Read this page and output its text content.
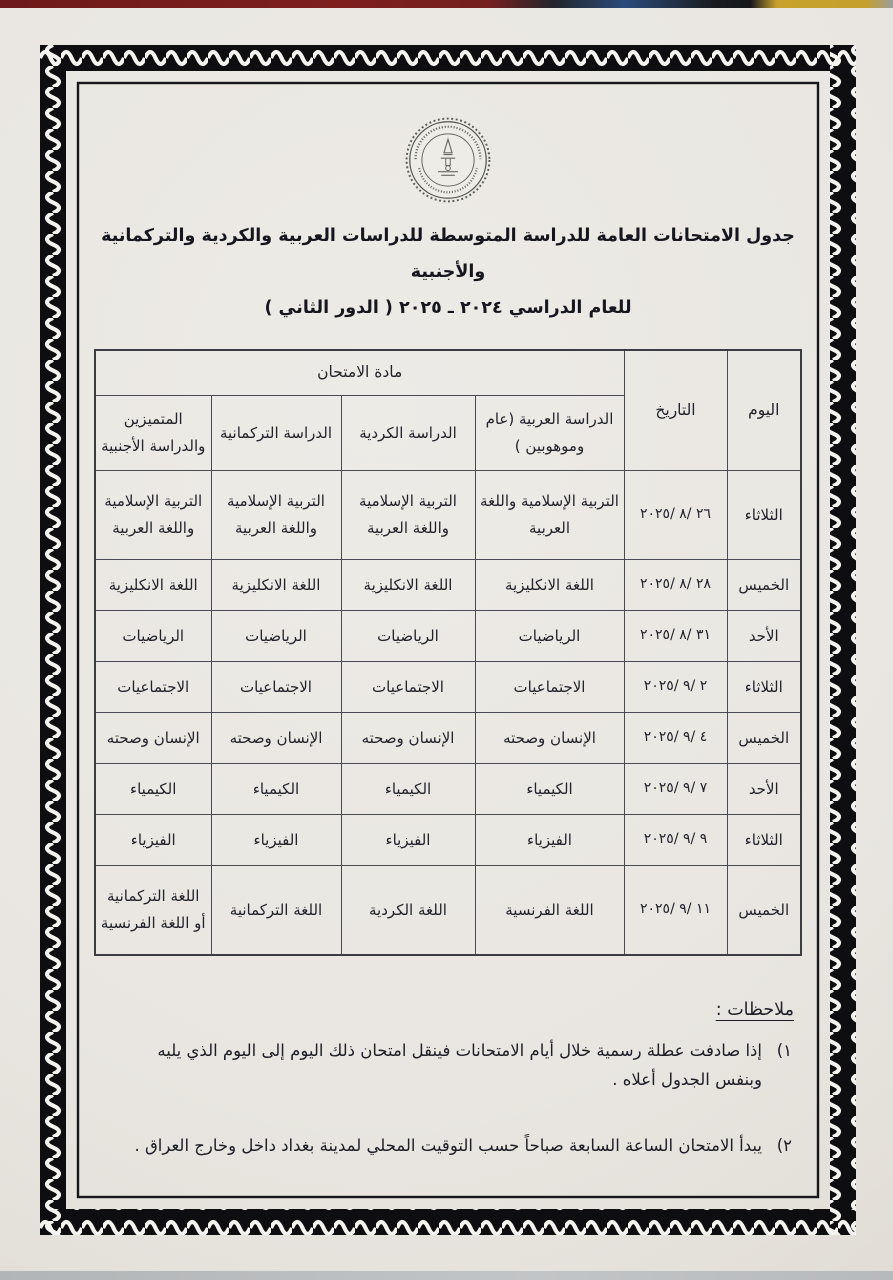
جدول الامتحانات العامة للدراسة المتوسطة للدراسات العربية والكردية والتركمانية والأجنبية
للعام الدراسي ٢٠٢٤ ـ ٢٠٢٥ ( الدور الثاني )
اليوم	التاريخ	مادة الامتحان			
		الدراسة العربية (عام وموهوبين )	الدراسة الكردية	الدراسة التركمانية	المتميزين والدراسة الأجنبية
الثلاثاء	٢٦ /٨ /٢٠٢٥	التربية الإسلامية واللغة العربية	التربية الإسلامية واللغة العربية	التربية الإسلامية واللغة العربية	التربية الإسلامية واللغة العربية
الخميس	٢٨ /٨ /٢٠٢٥	اللغة الانكليزية	اللغة الانكليزية	اللغة الانكليزية	اللغة الانكليزية
الأحد	٣١ /٨ /٢٠٢٥	الرياضيات	الرياضيات	الرياضيات	الرياضيات
الثلاثاء	٢ /٩ /٢٠٢٥	الاجتماعيات	الاجتماعيات	الاجتماعيات	الاجتماعيات
الخميس	٤ /٩ /٢٠٢٥	الإنسان وصحته	الإنسان وصحته	الإنسان وصحته	الإنسان وصحته
الأحد	٧ /٩ /٢٠٢٥	الكيمياء	الكيمياء	الكيمياء	الكيمياء
الثلاثاء	٩ /٩ /٢٠٢٥	الفيزياء	الفيزياء	الفيزياء	الفيزياء
الخميس	١١ /٩ /٢٠٢٥	اللغة الفرنسية	اللغة الكردية	اللغة التركمانية	اللغة التركمانية أو اللغة الفرنسية
ملاحظات :
١)
إذا صادفت عطلة رسمية خلال أيام الامتحانات فينقل امتحان ذلك اليوم إلى اليوم الذي يليه وبنفس الجدول أعلاه .
٢)
يبدأ الامتحان الساعة السابعة صباحاً حسب التوقيت المحلي لمدينة بغداد داخل وخارج العراق .
